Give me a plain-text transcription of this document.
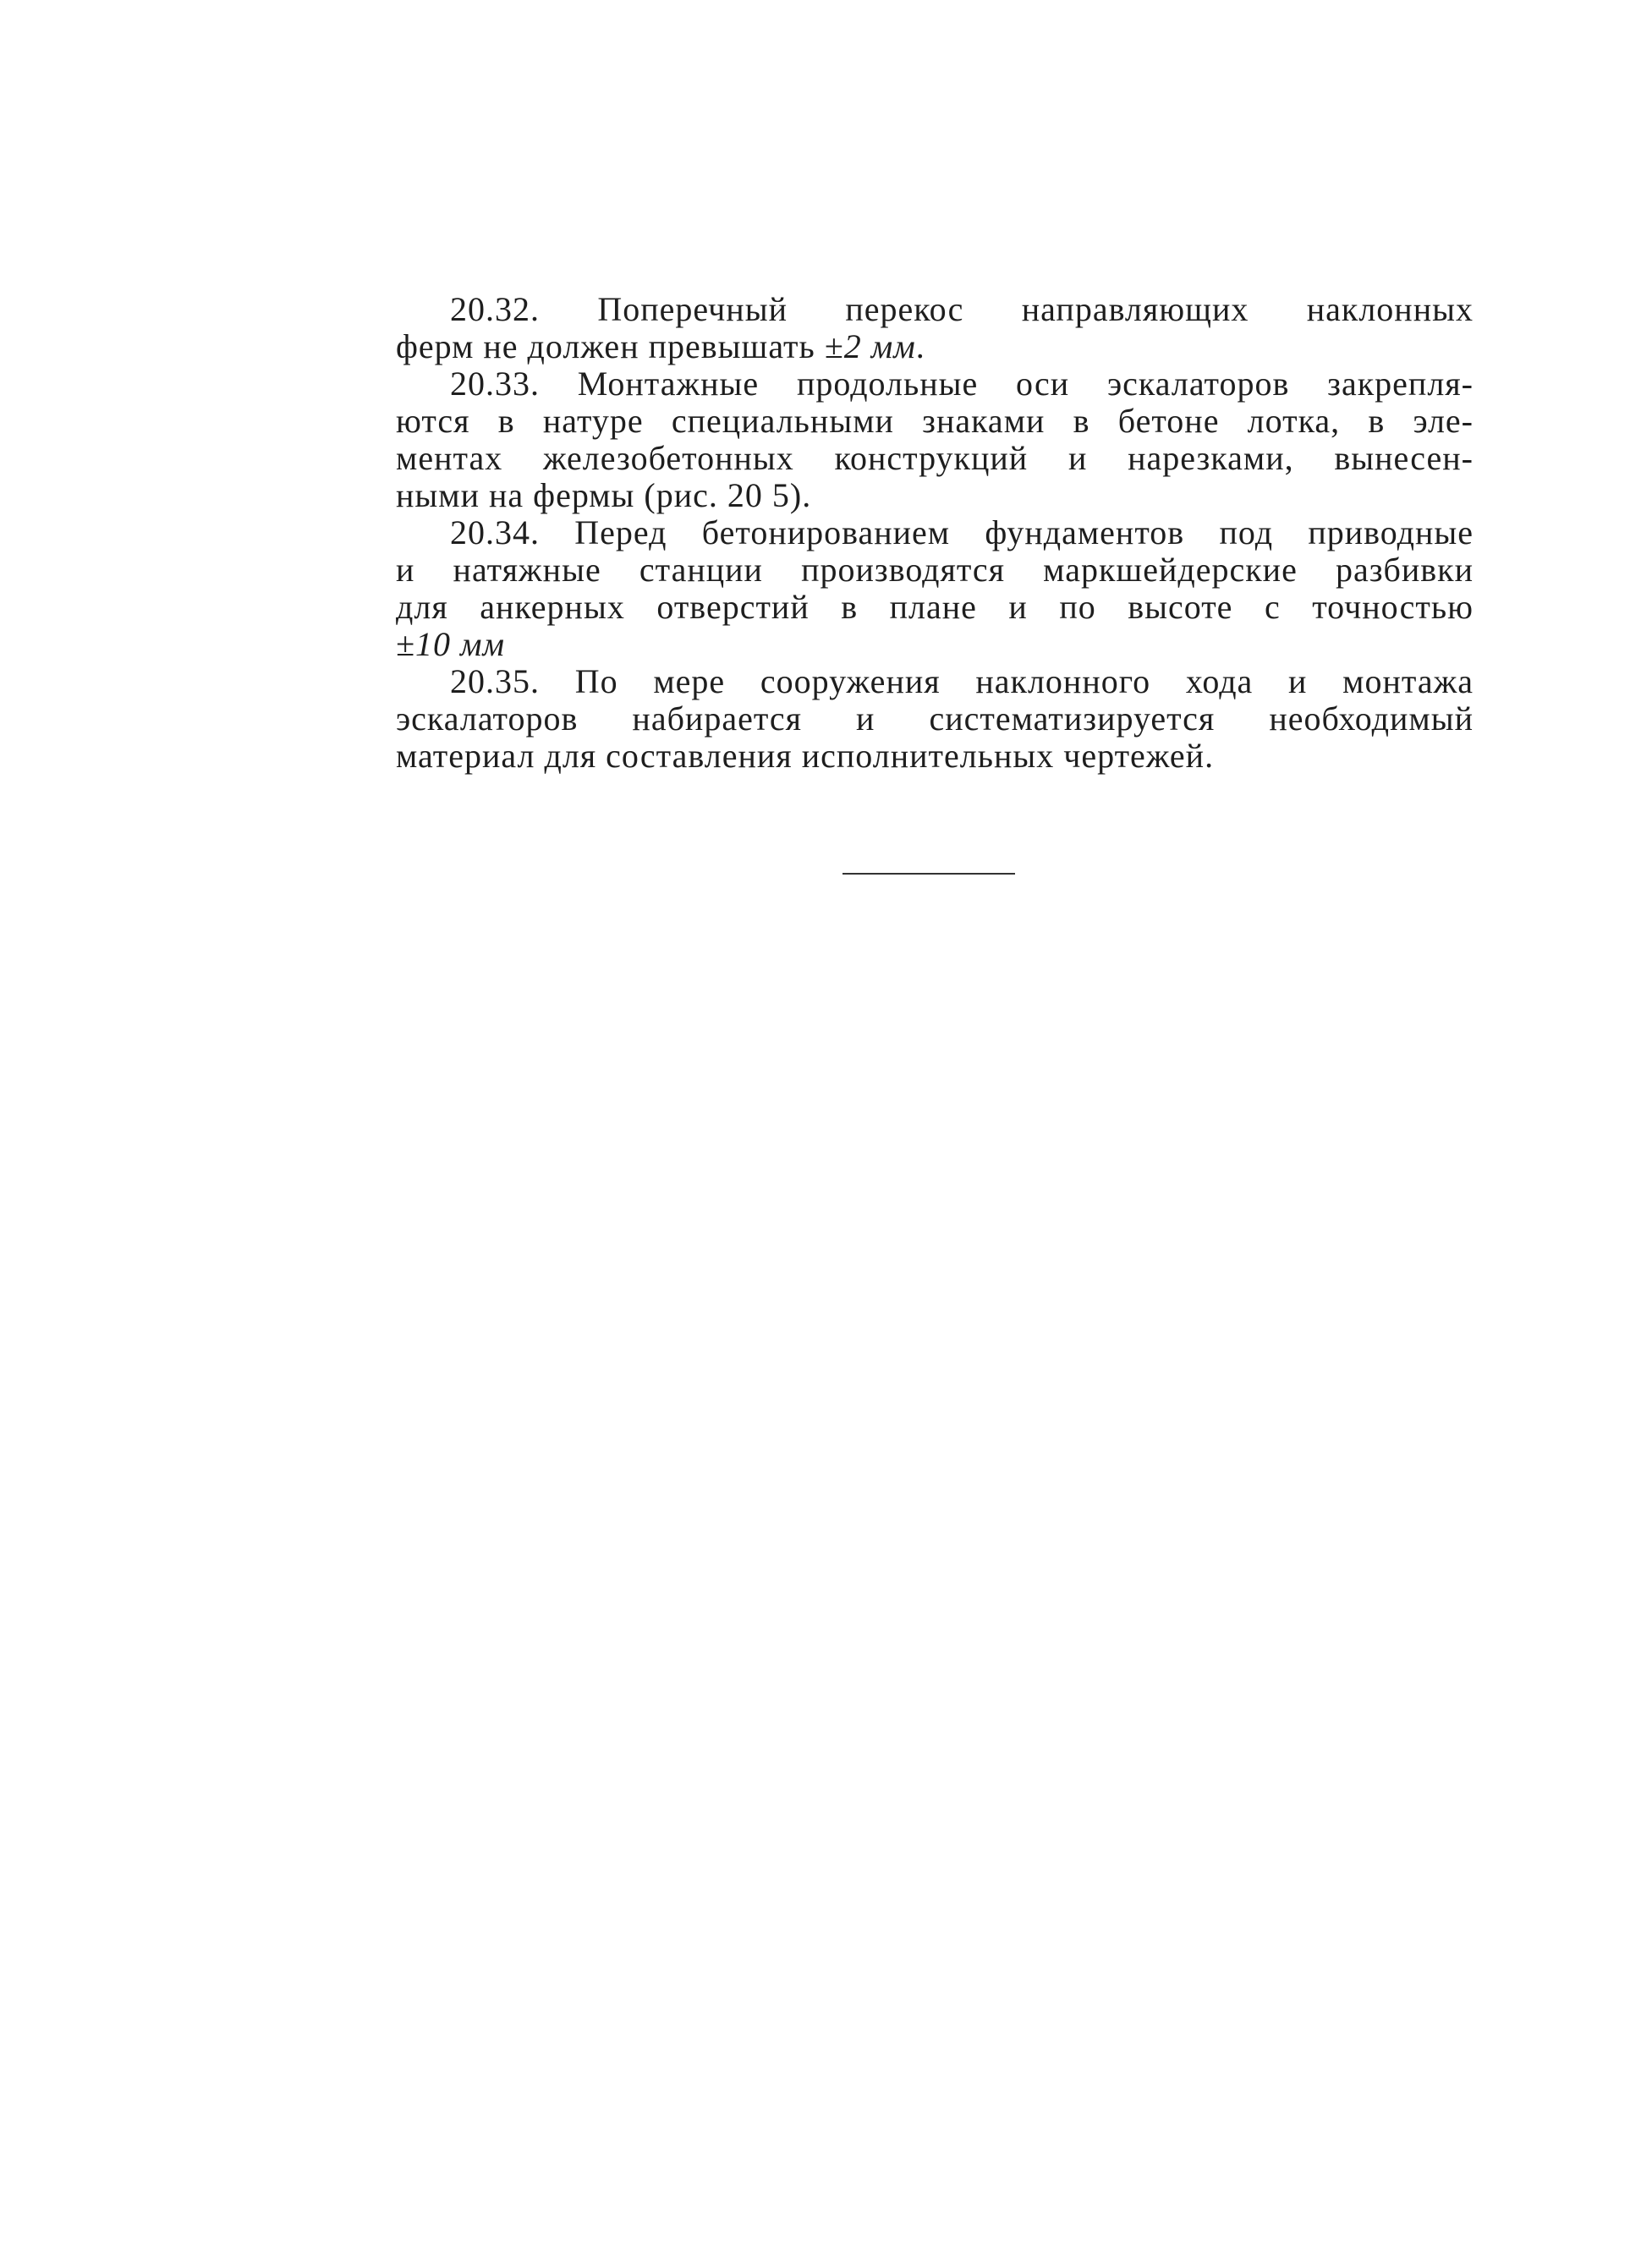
20.32. Поперечный перекос направляющих наклонных
ферм не должен превышать ±2 мм.
20.33. Монтажные продольные оси эскалаторов закрепля-
ются в натуре специальными знаками в бетоне лотка, в эле-
ментах железобетонных конструкций и нарезками, вынесен-
ными на фермы (рис. 20 5).
20.34. Перед бетонированием фундаментов под приводные
и натяжные станции производятся маркшейдерские разбивки
для анкерных отверстий в плане и по высоте с точностью
±10 мм
20.35. По мере сооружения наклонного хода и монтажа
эскалаторов набирается и систематизируется необходимый
материал для составления исполнительных чертежей.
